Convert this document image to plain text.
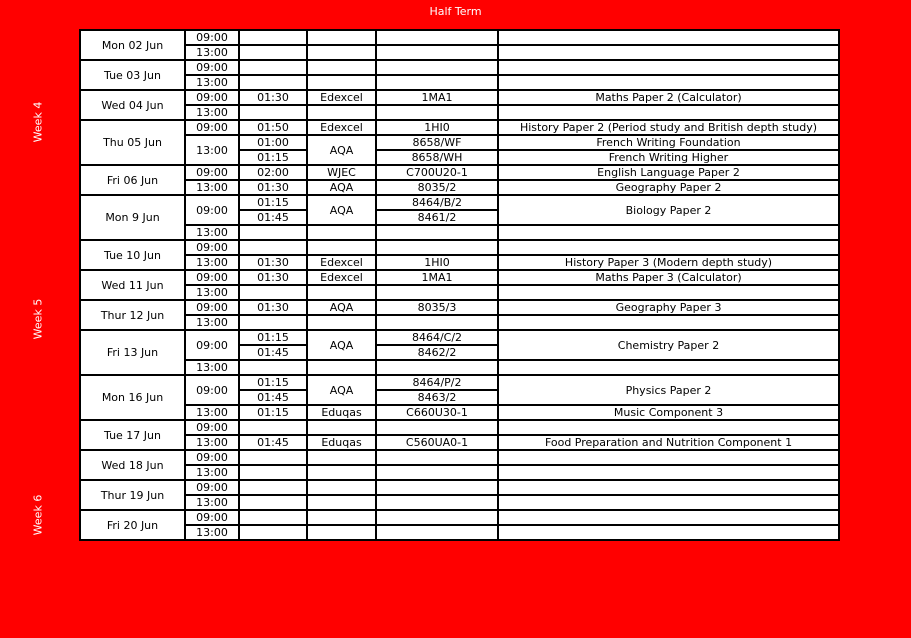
Half Term
Week 4
Week 5
Week 6
Mon 02 Jun	09:00				
	13:00				
Tue 03 Jun	09:00				
	13:00				
Wed 04 Jun	09:00	01:30	Edexcel	1MA1	Maths Paper 2 (Calculator)
	13:00				
Thu 05 Jun	09:00	01:50	Edexcel	1HI0	History Paper 2 (Period study and British depth study)
	13:00	01:00	AQA	8658/WF	French Writing Foundation
		01:15		8658/WH	French Writing Higher
Fri 06 Jun	09:00	02:00	WJEC	C700U20-1	English Language Paper 2
	13:00	01:30	AQA	8035/2	Geography Paper 2
Mon 9 Jun	09:00	01:15	AQA	8464/B/2	Biology Paper 2
		01:45		8461/2	
	13:00				
Tue 10 Jun	09:00				
	13:00	01:30	Edexcel	1HI0	History Paper 3 (Modern depth study)
Wed 11 Jun	09:00	01:30	Edexcel	1MA1	Maths Paper 3 (Calculator)
	13:00				
Thur 12 Jun	09:00	01:30	AQA	8035/3	Geography Paper 3
	13:00				
Fri 13 Jun	09:00	01:15	AQA	8464/C/2	Chemistry Paper 2
		01:45		8462/2	
	13:00				
Mon 16 Jun	09:00	01:15	AQA	8464/P/2	Physics Paper 2
		01:45		8463/2	
	13:00	01:15	Eduqas	C660U30-1	Music Component 3
Tue 17 Jun	09:00				
	13:00	01:45	Eduqas	C560UA0-1	Food Preparation and Nutrition Component 1
Wed 18 Jun	09:00				
	13:00				
Thur 19 Jun	09:00				
	13:00				
Fri 20 Jun	09:00				
	13:00				
